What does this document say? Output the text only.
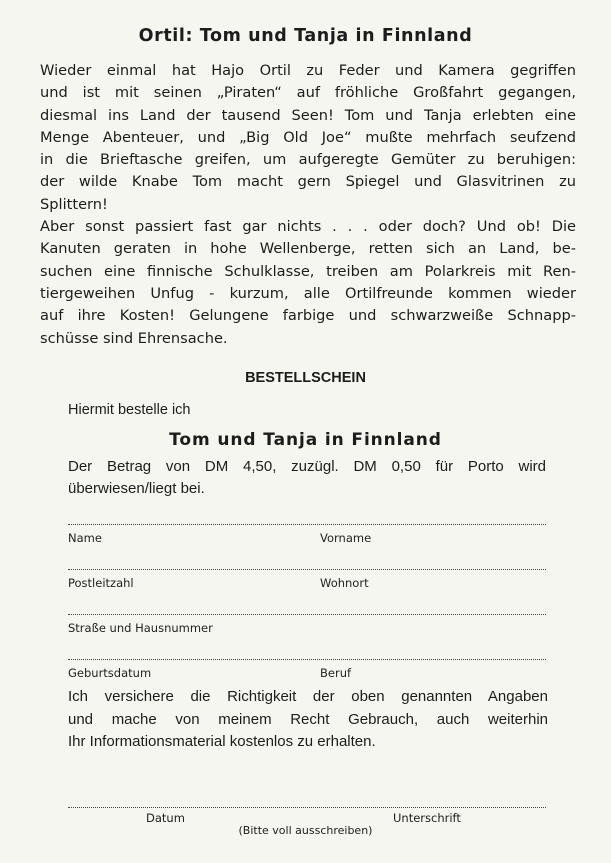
Ortil: Tom und Tanja in Finnland
Wieder einmal hat Hajo Ortil zu Feder und Kamera gegriffen
und ist mit seinen „Piraten“ auf fröhliche Großfahrt gegangen,
diesmal ins Land der tausend Seen! Tom und Tanja erlebten eine
Menge Abenteuer, und „Big Old Joe“ mußte mehrfach seufzend
in die Brieftasche greifen, um aufgeregte Gemüter zu beruhigen:
der wilde Knabe Tom macht gern Spiegel und Glasvitrinen zu
Splittern!
Aber sonst passiert fast gar nichts . . . oder doch? Und ob! Die
Kanuten geraten in hohe Wellenberge, retten sich an Land, be-
suchen eine finnische Schulklasse, treiben am Polarkreis mit Ren-
tiergeweihen Unfug - kurzum, alle Ortilfreunde kommen wieder
auf ihre Kosten! Gelungene farbige und schwarzweiße Schnapp-
schüsse sind Ehrensache.
BESTELLSCHEIN
Hiermit bestelle ich
Tom und Tanja in Finnland
Der Betrag von DM 4,50, zuzügl. DM 0,50 für Porto wird
überwiesen/liegt bei.
Name	Vorname
Postleitzahl	Wohnort
Straße und Hausnummer
Geburtsdatum	Beruf
Ich versichere die Richtigkeit der oben genannten Angaben
und mache von meinem Recht Gebrauch, auch weiterhin
Ihr Informationsmaterial kostenlos zu erhalten.
Datum	Unterschrift
(Bitte voll ausschreiben)
